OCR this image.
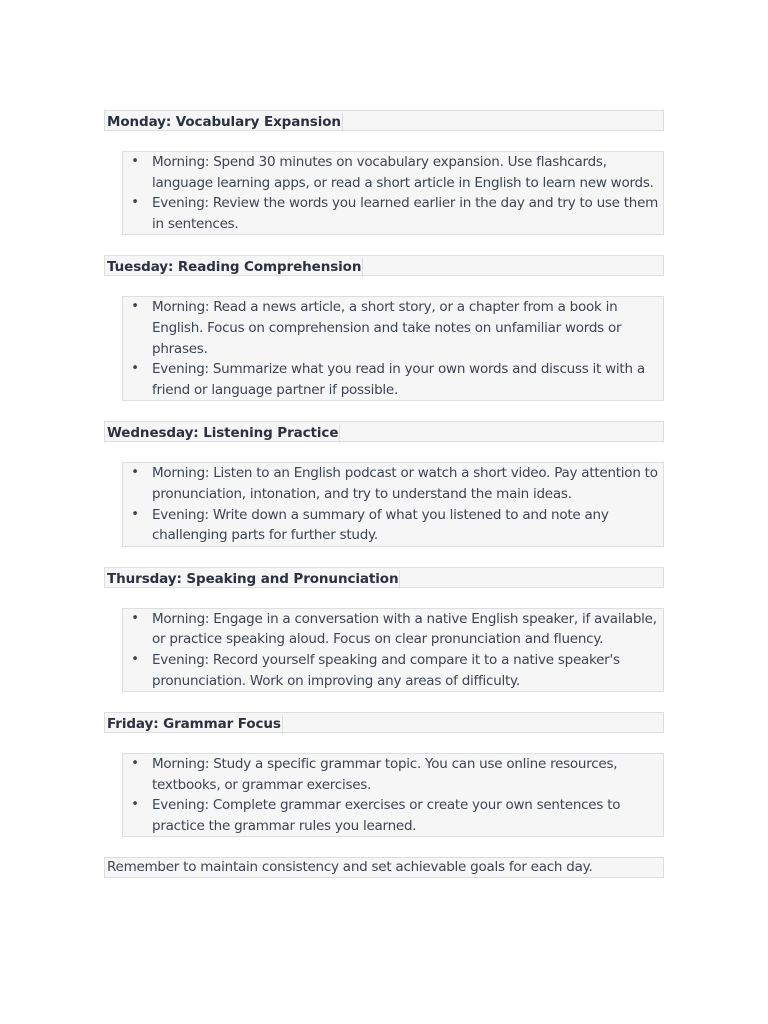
Monday: Vocabulary Expansion
• Morning: Spend 30 minutes on vocabulary expansion. Use flashcards, language learning apps, or read a short article in English to learn new words.
• Evening: Review the words you learned earlier in the day and try to use them in sentences.
Tuesday: Reading Comprehension
• Morning: Read a news article, a short story, or a chapter from a book in English. Focus on comprehension and take notes on unfamiliar words or phrases.
• Evening: Summarize what you read in your own words and discuss it with a friend or language partner if possible.
Wednesday: Listening Practice
• Morning: Listen to an English podcast or watch a short video. Pay attention to pronunciation, intonation, and try to understand the main ideas.
• Evening: Write down a summary of what you listened to and note any challenging parts for further study.
Thursday: Speaking and Pronunciation
• Morning: Engage in a conversation with a native English speaker, if available, or practice speaking aloud. Focus on clear pronunciation and fluency.
• Evening: Record yourself speaking and compare it to a native speaker's pronunciation. Work on improving any areas of difficulty.
Friday: Grammar Focus
• Morning: Study a specific grammar topic. You can use online resources, textbooks, or grammar exercises.
• Evening: Complete grammar exercises or create your own sentences to practice the grammar rules you learned.
Remember to maintain consistency and set achievable goals for each day.
